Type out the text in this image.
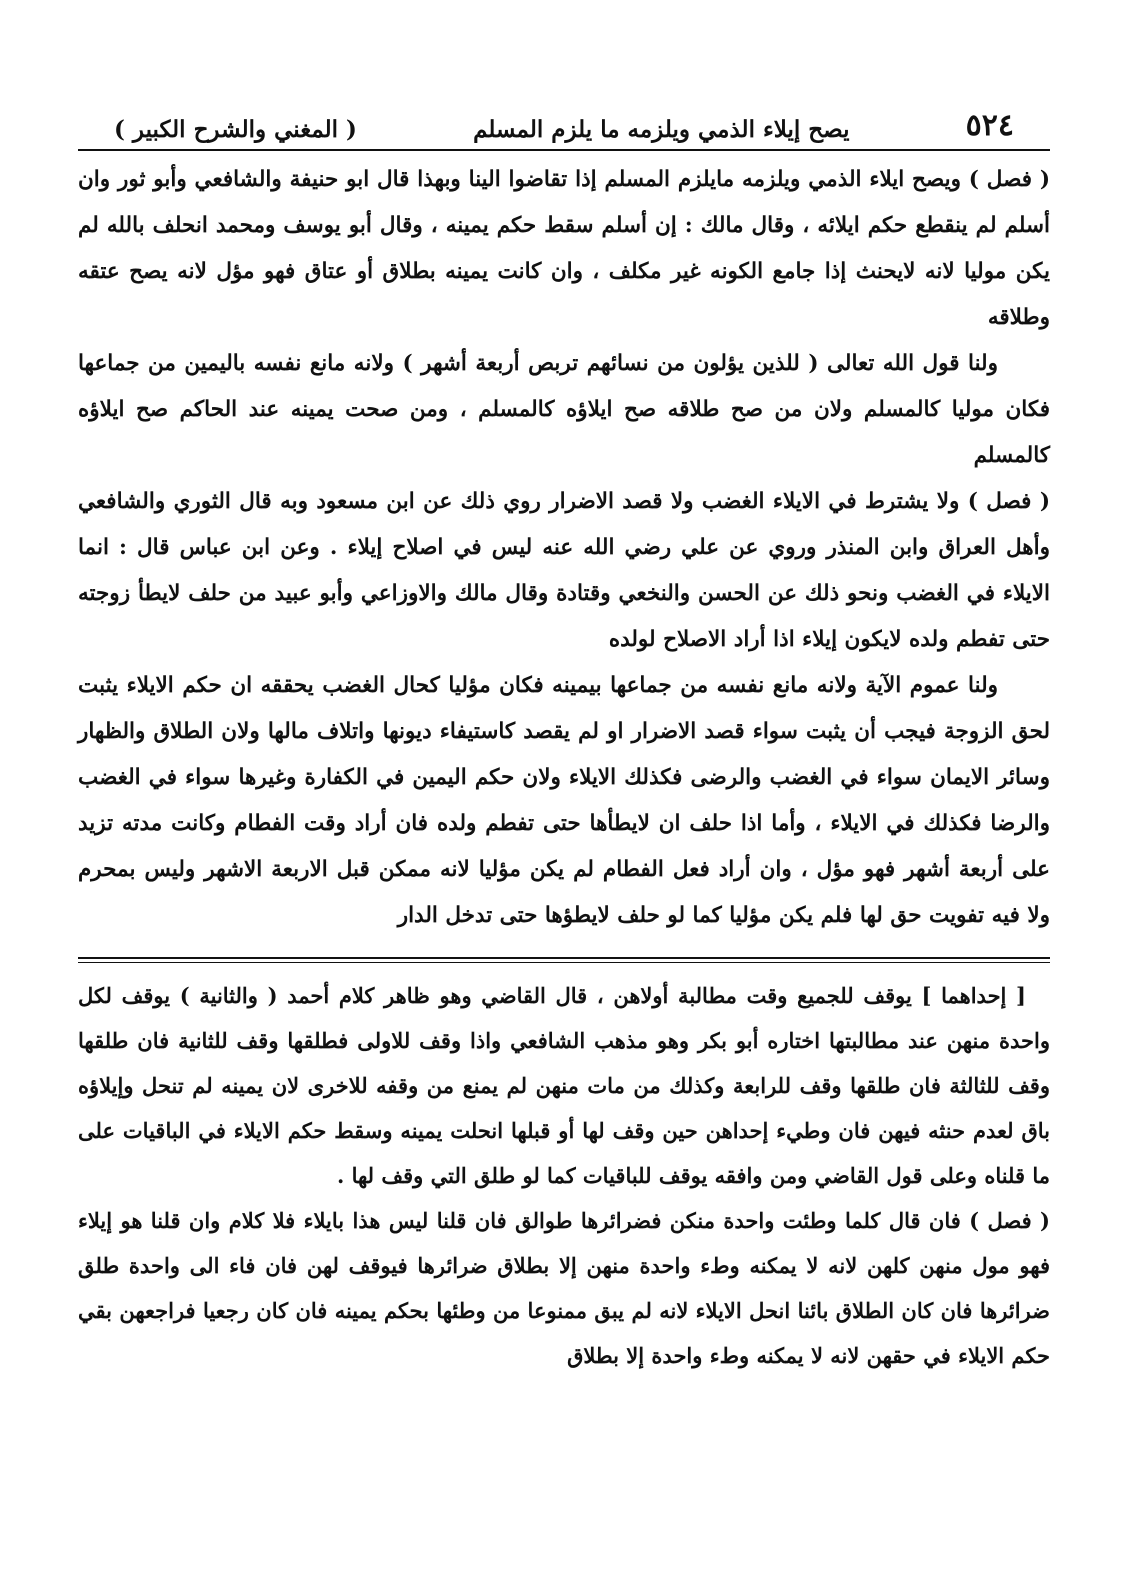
٥٢٤
يصح إيلاء الذمي ويلزمه ما يلزم المسلم
( المغني والشرح الكبير )

( فصل ) ويصح ايلاء الذمي ويلزمه مايلزم المسلم إذا تقاضوا الينا وبهذا قال ابو حنيفة والشافعي وأبو ثور وان أسلم لم ينقطع حكم ايلائه ، وقال مالك : إن أسلم سقط حكم يمينه ، وقال أبو يوسف ومحمد انحلف بالله لم يكن موليا لانه لايحنث إذا جامع الكونه غير مكلف ، وان كانت يمينه بطلاق أو عتاق فهو مؤل لانه يصح عتقه وطلاقه

ولنا قول الله تعالى ( للذين يؤلون من نسائهم تربص أربعة أشهر ) ولانه مانع نفسه باليمين من جماعها فكان موليا كالمسلم ولان من صح طلاقه صح ايلاؤه كالمسلم ، ومن صحت يمينه عند الحاكم صح ايلاؤه كالمسلم

( فصل ) ولا يشترط في الايلاء الغضب ولا قصد الاضرار روي ذلك عن ابن مسعود وبه قال الثوري والشافعي وأهل العراق وابن المنذر وروي عن علي رضي الله عنه ليس في اصلاح إيلاء . وعن ابن عباس قال : انما الايلاء في الغضب ونحو ذلك عن الحسن والنخعي وقتادة وقال مالك والاوزاعي وأبو عبيد من حلف لايطأ زوجته حتى تفطم ولده لايكون إيلاء اذا أراد الاصلاح لولده

ولنا عموم الآية ولانه مانع نفسه من جماعها بيمينه فكان مؤليا كحال الغضب يحققه ان حكم الايلاء يثبت لحق الزوجة فيجب أن يثبت سواء قصد الاضرار او لم يقصد كاستيفاء ديونها واتلاف مالها ولان الطلاق والظهار وسائر الايمان سواء في الغضب والرضى فكذلك الايلاء ولان حكم اليمين في الكفارة وغيرها سواء في الغضب والرضا فكذلك في الايلاء ، وأما اذا حلف ان لايطأها حتى تفطم ولده فان أراد وقت الفطام وكانت مدته تزيد على أربعة أشهر فهو مؤل ، وان أراد فعل الفطام لم يكن مؤليا لانه ممكن قبل الاربعة الاشهر وليس بمحرم ولا فيه تفويت حق لها فلم يكن مؤليا كما لو حلف لايطؤها حتى تدخل الدار

[ إحداهما ] يوقف للجميع وقت مطالبة أولاهن ، قال القاضي وهو ظاهر كلام أحمد ( والثانية ) يوقف لكل واحدة منهن عند مطالبتها اختاره أبو بكر وهو مذهب الشافعي واذا وقف للاولى فطلقها وقف للثانية فان طلقها وقف للثالثة فان طلقها وقف للرابعة وكذلك من مات منهن لم يمنع من وقفه للاخرى لان يمينه لم تنحل وإيلاؤه باق لعدم حنثه فيهن فان وطيء إحداهن حين وقف لها أو قبلها انحلت يمينه وسقط حكم الايلاء في الباقيات على ما قلناه وعلى قول القاضي ومن وافقه يوقف للباقيات كما لو طلق التي وقف لها .

( فصل ) فان قال كلما وطئت واحدة منكن فضرائرها طوالق فان قلنا ليس هذا بايلاء فلا كلام وان قلنا هو إيلاء فهو مول منهن كلهن لانه لا يمكنه وطء واحدة منهن إلا بطلاق ضرائرها فيوقف لهن فان فاء الى واحدة طلق ضرائرها فان كان الطلاق بائنا انحل الايلاء لانه لم يبق ممنوعا من وطئها بحكم يمينه فان كان رجعيا فراجعهن بقي حكم الايلاء في حقهن لانه لا يمكنه وطء واحدة إلا بطلاق
